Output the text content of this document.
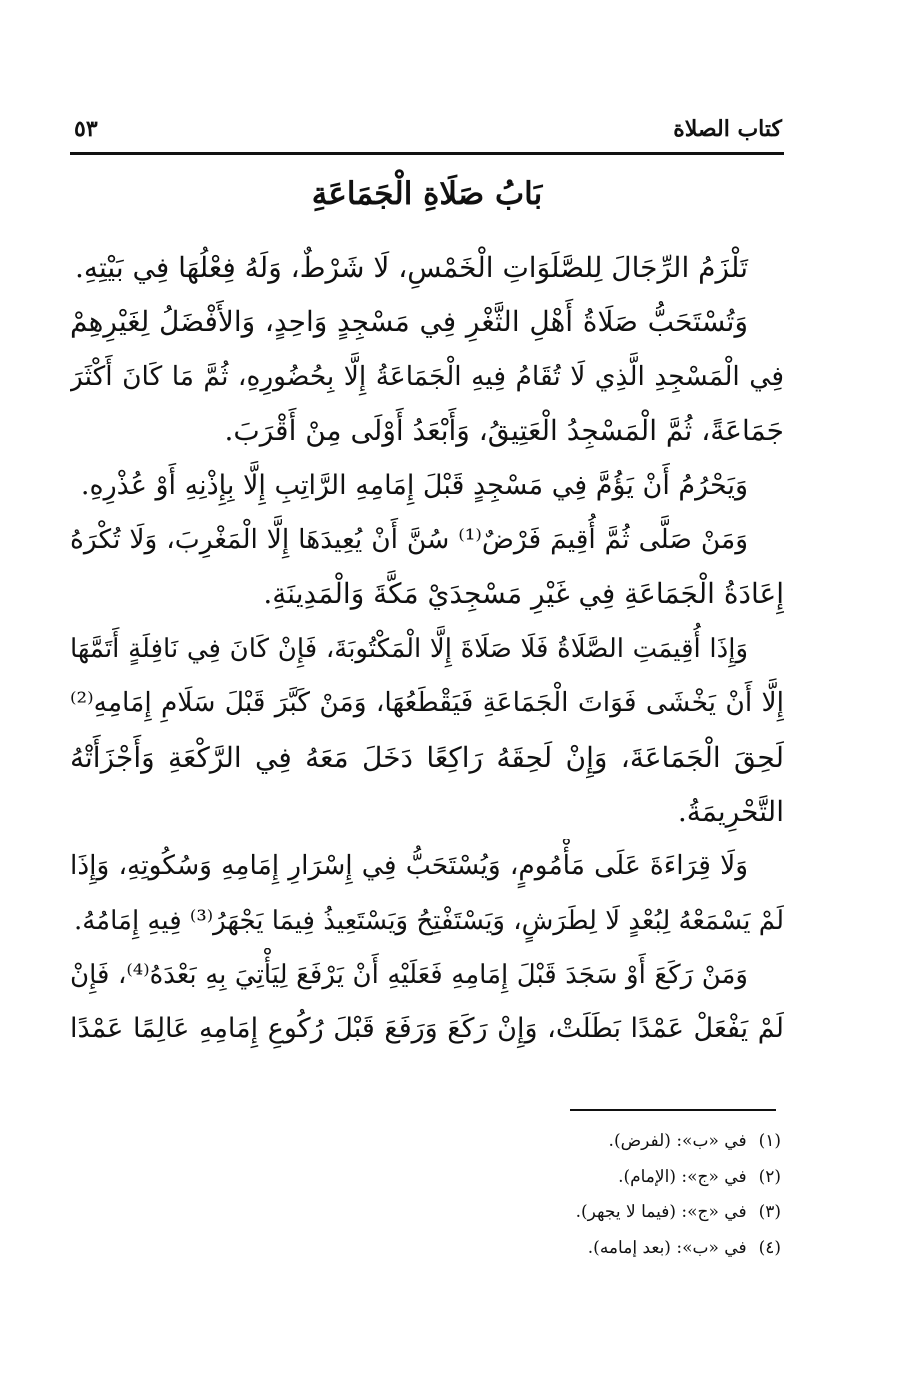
كتاب الصلاة
٥٣
بَابُ صَلَاةِ الْجَمَاعَةِ
تَلْزَمُ الرِّجَالَ لِلصَّلَوَاتِ الْخَمْسِ، لَا شَرْطٌ، وَلَهُ فِعْلُهَا فِي بَيْتِهِ.
وَتُسْتَحَبُّ صَلَاةُ أَهْلِ الثَّغْرِ فِي مَسْجِدٍ وَاحِدٍ، وَالأَفْضَلُ لِغَيْرِهِمْ
فِي الْمَسْجِدِ الَّذِي لَا تُقَامُ فِيهِ الْجَمَاعَةُ إِلَّا بِحُضُورِهِ، ثُمَّ مَا كَانَ أَكْثَرَ
جَمَاعَةً، ثُمَّ الْمَسْجِدُ الْعَتِيقُ، وَأَبْعَدُ أَوْلَى مِنْ أَقْرَبَ.
وَيَحْرُمُ أَنْ يَؤُمَّ فِي مَسْجِدٍ قَبْلَ إِمَامِهِ الرَّاتِبِ إِلَّا بِإِذْنِهِ أَوْ عُذْرِهِ.
وَمَنْ صَلَّى ثُمَّ أُقِيمَ فَرْضٌ⁽¹⁾ سُنَّ أَنْ يُعِيدَهَا إِلَّا الْمَغْرِبَ، وَلَا تُكْرَهُ
إِعَادَةُ الْجَمَاعَةِ فِي غَيْرِ مَسْجِدَيْ مَكَّةَ وَالْمَدِينَةِ.
وَإِذَا أُقِيمَتِ الصَّلَاةُ فَلَا صَلَاةَ إِلَّا الْمَكْتُوبَةَ، فَإِنْ كَانَ فِي نَافِلَةٍ أَتَمَّهَا
إِلَّا أَنْ يَخْشَى فَوَاتَ الْجَمَاعَةِ فَيَقْطَعُهَا، وَمَنْ كَبَّرَ قَبْلَ سَلَامِ إِمَامِهِ⁽²⁾
لَحِقَ الْجَمَاعَةَ، وَإِنْ لَحِقَهُ رَاكِعًا دَخَلَ مَعَهُ فِي الرَّكْعَةِ وَأَجْزَأَتْهُ
التَّحْرِيمَةُ.
وَلَا قِرَاءَةَ عَلَى مَأْمُومٍ، وَيُسْتَحَبُّ فِي إِسْرَارِ إِمَامِهِ وَسُكُوتِهِ، وَإِذَا
لَمْ يَسْمَعْهُ لِبُعْدٍ لَا لِطَرَشٍ، وَيَسْتَفْتِحُ وَيَسْتَعِيذُ فِيمَا يَجْهَرُ⁽³⁾ فِيهِ إِمَامُهُ.
وَمَنْ رَكَعَ أَوْ سَجَدَ قَبْلَ إِمَامِهِ فَعَلَيْهِ أَنْ يَرْفَعَ لِيَأْتِيَ بِهِ بَعْدَهُ⁽⁴⁾، فَإِنْ
لَمْ يَفْعَلْ عَمْدًا بَطَلَتْ، وَإِنْ رَكَعَ وَرَفَعَ قَبْلَ رُكُوعِ إِمَامِهِ عَالِمًا عَمْدًا
(١)في «ب»: (لفرض).
(٢)في «ج»: (الإمام).
(٣)في «ج»: (فيما لا يجهر).
(٤)في «ب»: (بعد إمامه).
